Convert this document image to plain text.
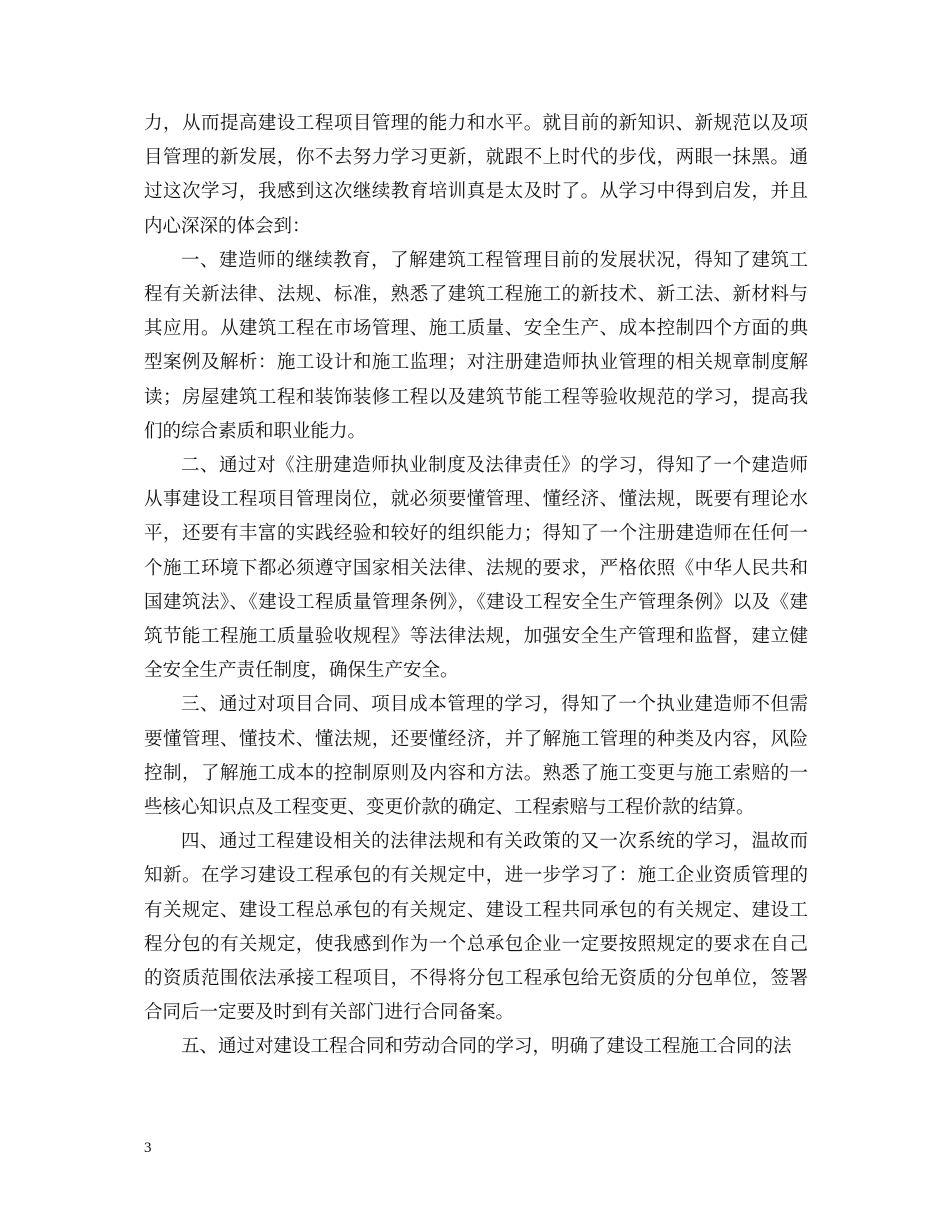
力，从而提高建设工程项目管理的能力和水平。就目前的新知识、新规范以及项目管理的新发展，你不去努力学习更新，就跟不上时代的步伐，两眼一抹黑。通过这次学习，我感到这次继续教育培训真是太及时了。从学习中得到启发，并且内心深深的体会到：

一、建造师的继续教育，了解建筑工程管理目前的发展状况，得知了建筑工程有关新法律、法规、标准，熟悉了建筑工程施工的新技术、新工法、新材料与其应用。从建筑工程在市场管理、施工质量、安全生产、成本控制四个方面的典型案例及解析：施工设计和施工监理；对注册建造师执业管理的相关规章制度解读；房屋建筑工程和装饰装修工程以及建筑节能工程等验收规范的学习，提高我们的综合素质和职业能力。

二、通过对《注册建造师执业制度及法律责任》的学习，得知了一个建造师从事建设工程项目管理岗位，就必须要懂管理、懂经济、懂法规，既要有理论水平，还要有丰富的实践经验和较好的组织能力；得知了一个注册建造师在任何一个施工环境下都必须遵守国家相关法律、法规的要求，严格依照《中华人民共和国建筑法》、《建设工程质量管理条例》，《建设工程安全生产管理条例》以及《建筑节能工程施工质量验收规程》等法律法规，加强安全生产管理和监督，建立健全安全生产责任制度，确保生产安全。

三、通过对项目合同、项目成本管理的学习，得知了一个执业建造师不但需要懂管理、懂技术、懂法规，还要懂经济，并了解施工管理的种类及内容，风险控制，了解施工成本的控制原则及内容和方法。熟悉了施工变更与施工索赔的一些核心知识点及工程变更、变更价款的确定、工程索赔与工程价款的结算。

四、通过工程建设相关的法律法规和有关政策的又一次系统的学习，温故而知新。在学习建设工程承包的有关规定中，进一步学习了：施工企业资质管理的有关规定、建设工程总承包的有关规定、建设工程共同承包的有关规定、建设工程分包的有关规定，使我感到作为一个总承包企业一定要按照规定的要求在自己的资质范围依法承接工程项目，不得将分包工程承包给无资质的分包单位，签署合同后一定要及时到有关部门进行合同备案。

五、通过对建设工程合同和劳动合同的学习，明确了建设工程施工合同的法

3
